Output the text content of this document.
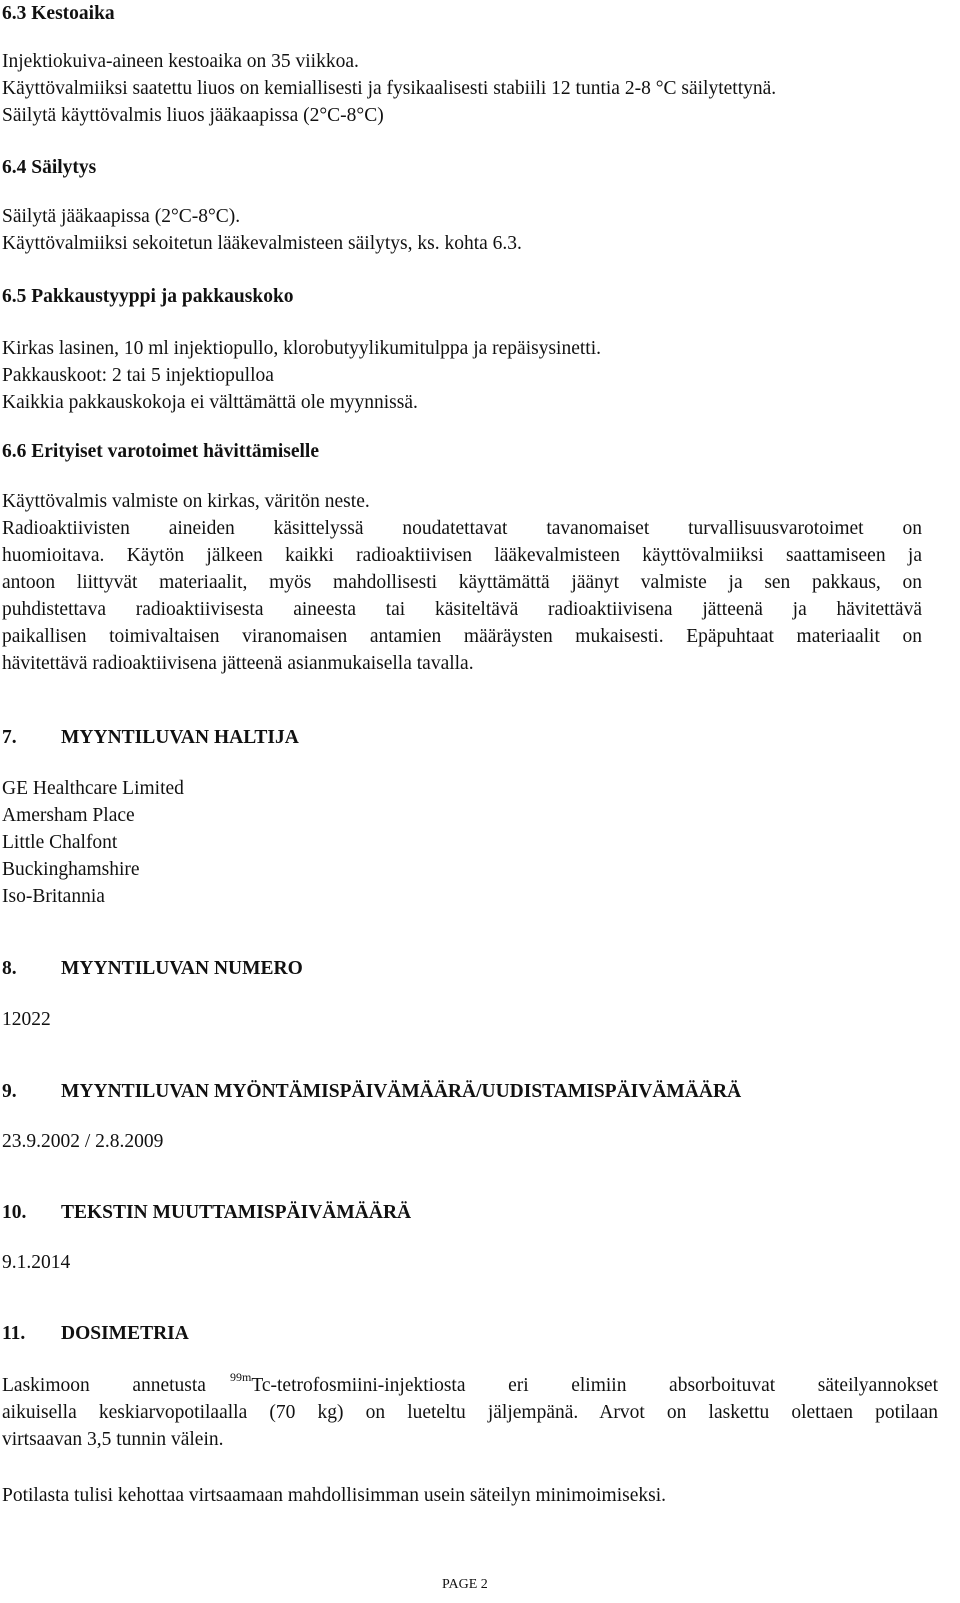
6.3 Kestoaika
Injektiokuiva-aineen kestoaika on 35 viikkoa.
Käyttövalmiiksi saatettu liuos on kemiallisesti ja fysikaalisesti stabiili 12 tuntia 2-8 °C säilytettynä.
Säilytä käyttövalmis liuos jääkaapissa (2°C-8°C)
6.4 Säilytys
Säilytä jääkaapissa (2°C-8°C).
Käyttövalmiiksi sekoitetun lääkevalmisteen säilytys, ks. kohta 6.3.
6.5 Pakkaustyyppi ja pakkauskoko
Kirkas lasinen, 10 ml injektiopullo, klorobutyylikumitulppa ja repäisysinetti.
Pakkauskoot: 2 tai 5 injektiopulloa
Kaikkia pakkauskokoja ei välttämättä ole myynnissä.
6.6 Erityiset varotoimet hävittämiselle
Käyttövalmis valmiste on kirkas, väritön neste.
Radioaktiivisten aineiden käsittelyssä noudatettavat tavanomaiset turvallisuusvarotoimet on
huomioitava. Käytön jälkeen kaikki radioaktiivisen lääkevalmisteen käyttövalmiiksi saattamiseen ja
antoon liittyvät materiaalit, myös mahdollisesti käyttämättä jäänyt valmiste ja sen pakkaus, on
puhdistettava radioaktiivisesta aineesta tai käsiteltävä radioaktiivisena jätteenä ja hävitettävä
paikallisen toimivaltaisen viranomaisen antamien määräysten mukaisesti. Epäpuhtaat materiaalit on
hävitettävä radioaktiivisena jätteenä asianmukaisella tavalla.
7. MYYNTILUVAN HALTIJA
GE Healthcare Limited
Amersham Place
Little Chalfont
Buckinghamshire
Iso-Britannia
8. MYYNTILUVAN NUMERO
12022
9. MYYNTILUVAN MYÖNTÄMISPÄIVÄMÄÄRÄ/UUDISTAMISPÄIVÄMÄÄRÄ
23.9.2002 / 2.8.2009
10. TEKSTIN MUUTTAMISPÄIVÄMÄÄRÄ
9.1.2014
11. DOSIMETRIA
Laskimoon annetusta $^{99m}$Tc-tetrofosmiini-injektiosta eri elimiin absorboituvat säteilyannokset
aikuisella keskiarvopotilaalla (70 kg) on lueteltu jäljempänä. Arvot on laskettu olettaen potilaan
virtsaavan 3,5 tunnin välein.
Potilasta tulisi kehottaa virtsaamaan mahdollisimman usein säteilyn minimoimiseksi.
PAGE 2
